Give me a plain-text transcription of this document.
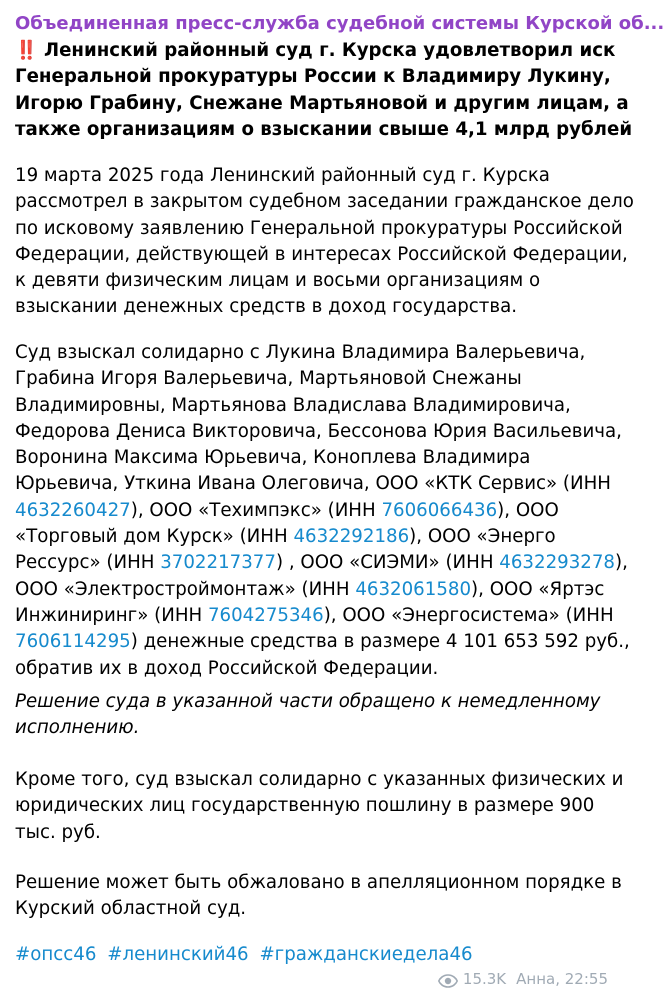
Объединенная пресс-служба судебной системы Курской об...
‼️ Ленинский районный суд г. Курска удовлетворил иск
Генеральной прокуратуры России к Владимиру Лукину,
Игорю Грабину, Снежане Мартьяновой и другим лицам, а
также организациям о взыскании свыше 4,1 млрд рублей
19 марта 2025 года Ленинский районный суд г. Курска
рассмотрел в закрытом судебном заседании гражданское дело
по исковому заявлению Генеральной прокуратуры Российской
Федерации, действующей в интересах Российской Федерации,
к девяти физическим лицам и восьми организациям о
взыскании денежных средств в доход государства.
Суд взыскал солидарно с Лукина Владимира Валерьевича,
Грабина Игоря Валерьевича, Мартьяновой Снежаны
Владимировны, Мартьянова Владислава Владимировича,
Федорова Дениса Викторовича, Бессонова Юрия Васильевича,
Воронина Максима Юрьевича, Коноплева Владимира
Юрьевича, Уткина Ивана Олеговича, ООО «КТК Сервис» (ИНН
4632260427), ООО «Техимпэкс» (ИНН 7606066436), ООО
«Торговый дом Курск» (ИНН 4632292186), ООО «Энерго
Рессурс» (ИНН 3702217377) , ООО «СИЭМИ» (ИНН 4632293278),
ООО «Электростроймонтаж» (ИНН 4632061580), ООО «Яртэс
Инжиниринг» (ИНН 7604275346), ООО «Энергосистема» (ИНН
7606114295) денежные средства в размере 4 101 653 592 руб.,
обратив их в доход Российской Федерации.
Решение суда в указанной части обращено к немедленному
исполнению.
Кроме того, суд взыскал солидарно с указанных физических и
юридических лиц государственную пошлину в размере 900
тыс. руб.
Решение может быть обжаловано в апелляционном порядке в
Курский областной суд.
#опсс46 #ленинский46 #гражданскиедела46
15.3K Анна, 22:55
